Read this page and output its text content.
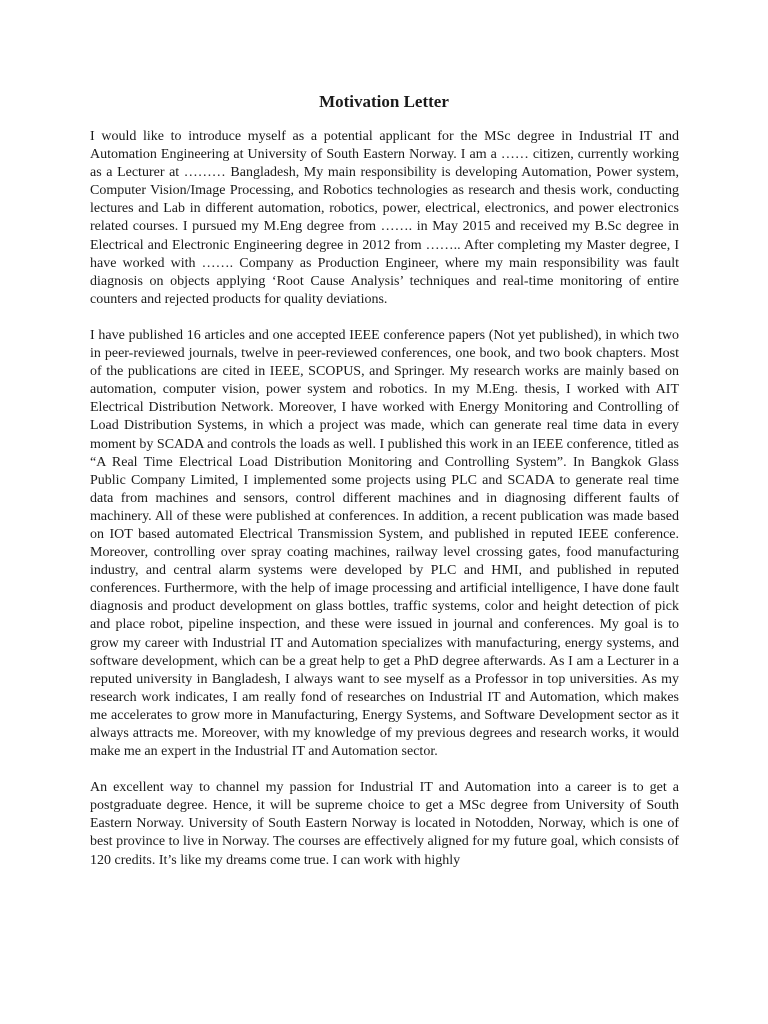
Motivation Letter

I would like to introduce myself as a potential applicant for the MSc degree in Industrial IT and Automation Engineering at University of South Eastern Norway. I am a …… citizen, currently working as a Lecturer at ……… Bangladesh, My main responsibility is developing Automation, Power system, Computer Vision/Image Processing, and Robotics technologies as research and thesis work, conducting lectures and Lab in different automation, robotics, power, electrical, electronics, and power electronics related courses. I pursued my M.Eng degree from ……. in May 2015 and received my B.Sc degree in Electrical and Electronic Engineering degree in 2012 from …….. After completing my Master degree, I have worked with ……. Company as Production Engineer, where my main responsibility was fault diagnosis on objects applying ‘Root Cause Analysis’ techniques and real-time monitoring of entire counters and rejected products for quality deviations.

I have published 16 articles and one accepted IEEE conference papers (Not yet published), in which two in peer-reviewed journals, twelve in peer-reviewed conferences, one book, and two book chapters. Most of the publications are cited in IEEE, SCOPUS, and Springer. My research works are mainly based on automation, computer vision, power system and robotics. In my M.Eng. thesis, I worked with AIT Electrical Distribution Network. Moreover, I have worked with Energy Monitoring and Controlling of Load Distribution Systems, in which a project was made, which can generate real time data in every moment by SCADA and controls the loads as well. I published this work in an IEEE conference, titled as “A Real Time Electrical Load Distribution Monitoring and Controlling System”. In Bangkok Glass Public Company Limited, I implemented some projects using PLC and SCADA to generate real time data from machines and sensors, control different machines and in diagnosing different faults of machinery. All of these were published at conferences. In addition, a recent publication was made based on IOT based automated Electrical Transmission System, and published in reputed IEEE conference. Moreover, controlling over spray coating machines, railway level crossing gates, food manufacturing industry, and central alarm systems were developed by PLC and HMI, and published in reputed conferences. Furthermore, with the help of image processing and artificial intelligence, I have done fault diagnosis and product development on glass bottles, traffic systems, color and height detection of pick and place robot, pipeline inspection, and these were issued in journal and conferences. My goal is to grow my career with Industrial IT and Automation specializes with manufacturing, energy systems, and software development, which can be a great help to get a PhD degree afterwards. As I am a Lecturer in a reputed university in Bangladesh, I always want to see myself as a Professor in top universities. As my research work indicates, I am really fond of researches on Industrial IT and Automation, which makes me accelerates to grow more in Manufacturing, Energy Systems, and Software Development sector as it always attracts me. Moreover, with my knowledge of my previous degrees and research works, it would make me an expert in the Industrial IT and Automation sector.

An excellent way to channel my passion for Industrial IT and Automation into a career is to get a postgraduate degree. Hence, it will be supreme choice to get a MSc degree from University of South Eastern Norway. University of South Eastern Norway is located in Notodden, Norway, which is one of best province to live in Norway. The courses are effectively aligned for my future goal, which consists of 120 credits. It’s like my dreams come true. I can work with highly
